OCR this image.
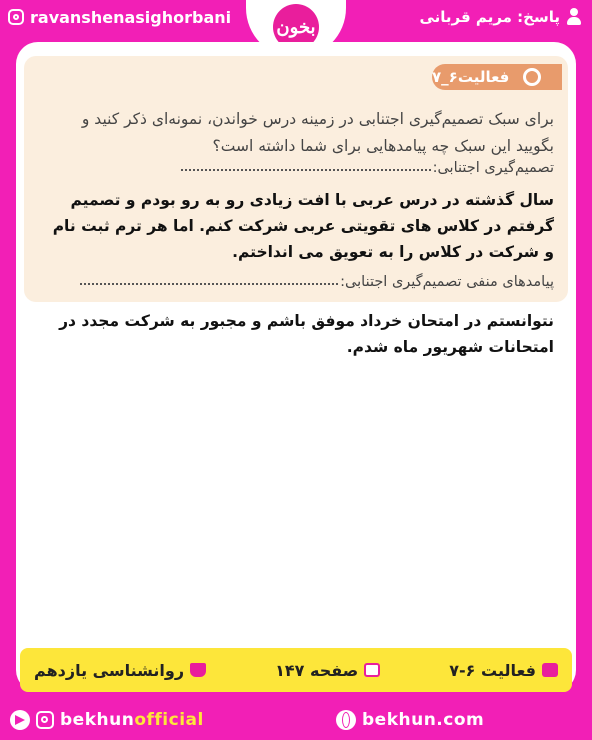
ravanshenasighorbani	پاسخ: مریم قربانی
بخون
فعالیت۶_۷
برای سبک تصمیم‌گیری اجتنابی در زمینه درس خواندن، نمونه‌ای ذکر کنید و بگویید این سبک چه پیامدهایی برای شما داشته است؟
تصمیم‌گیری اجتنابی:
سال گذشته در درس عربی با افت زیادی رو به رو بودم و تصمیم گرفتم در کلاس های تقویتی عربی شرکت کنم. اما هر ترم ثبت نام و شرکت در کلاس را به تعویق می انداختم.
پیامدهای منفی تصمیم‌گیری اجتنابی:
نتوانستم در امتحان خرداد موفق باشم و مجبور به شرکت مجدد در امتحانات شهریور ماه شدم.
فعالیت ۶-۷
صفحه ۱۴۷
روانشناسی یازدهم
bekhunofficial	bekhun.com
